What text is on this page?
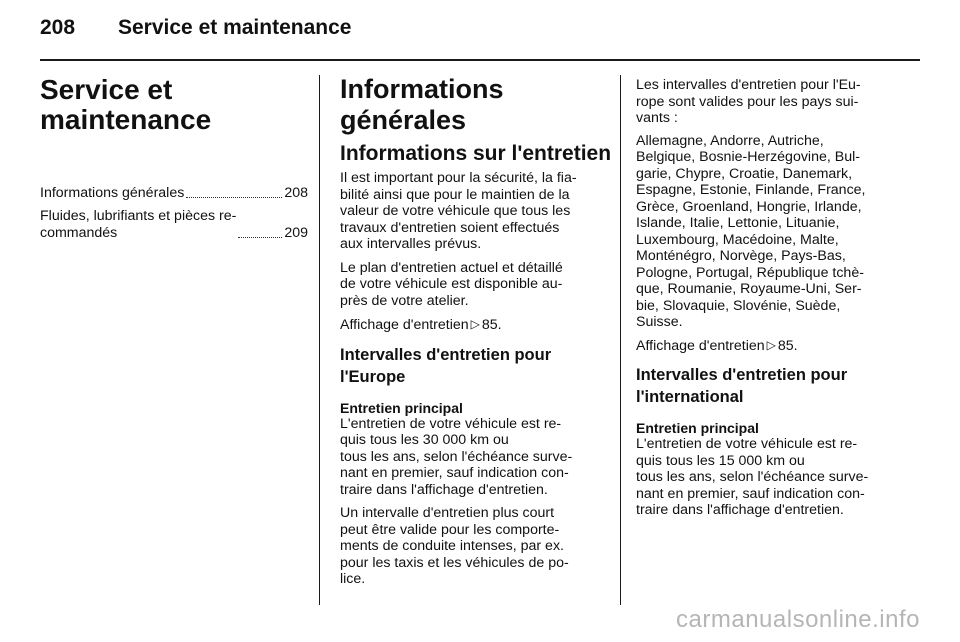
208 Service et maintenance
Service et
maintenance
Informations générales	208
Fluides, lubrifiants et pièces re-
commandés	209
Informations générales
Informations sur l'entretien

Il est important pour la sécurité, la fia-
bilité ainsi que pour le maintien de la
valeur de votre véhicule que tous les
travaux d'entretien soient effectués
aux intervalles prévus.

Le plan d'entretien actuel et détaillé
de votre véhicule est disponible au-
près de votre atelier.

Affichage d'entretien ▷ 85.

Intervalles d'entretien pour
l'Europe
Entretien principal

L'entretien de votre véhicule est re-
quis tous les 30 000 km ou
tous les ans, selon l'échéance surve-
nant en premier, sauf indication con-
traire dans l'affichage d'entretien.

Un intervalle d'entretien plus court
peut être valide pour les comporte-
ments de conduite intenses, par ex.
pour les taxis et les véhicules de po-
lice.

Les intervalles d'entretien pour l'Eu-
rope sont valides pour les pays sui-
vants :

Allemagne, Andorre, Autriche,
Belgique, Bosnie-Herzégovine, Bul-
garie, Chypre, Croatie, Danemark,
Espagne, Estonie, Finlande, France,
Grèce, Groenland, Hongrie, Irlande,
Islande, Italie, Lettonie, Lituanie,
Luxembourg, Macédoine, Malte,
Monténégro, Norvège, Pays-Bas,
Pologne, Portugal, République tchè-
que, Roumanie, Royaume-Uni, Ser-
bie, Slovaquie, Slovénie, Suède,
Suisse.

Affichage d'entretien ▷ 85.

Intervalles d'entretien pour
l'international
Entretien principal

L'entretien de votre véhicule est re-
quis tous les 15 000 km ou
tous les ans, selon l'échéance surve-
nant en premier, sauf indication con-
traire dans l'affichage d'entretien.

carmanualsonline.info
